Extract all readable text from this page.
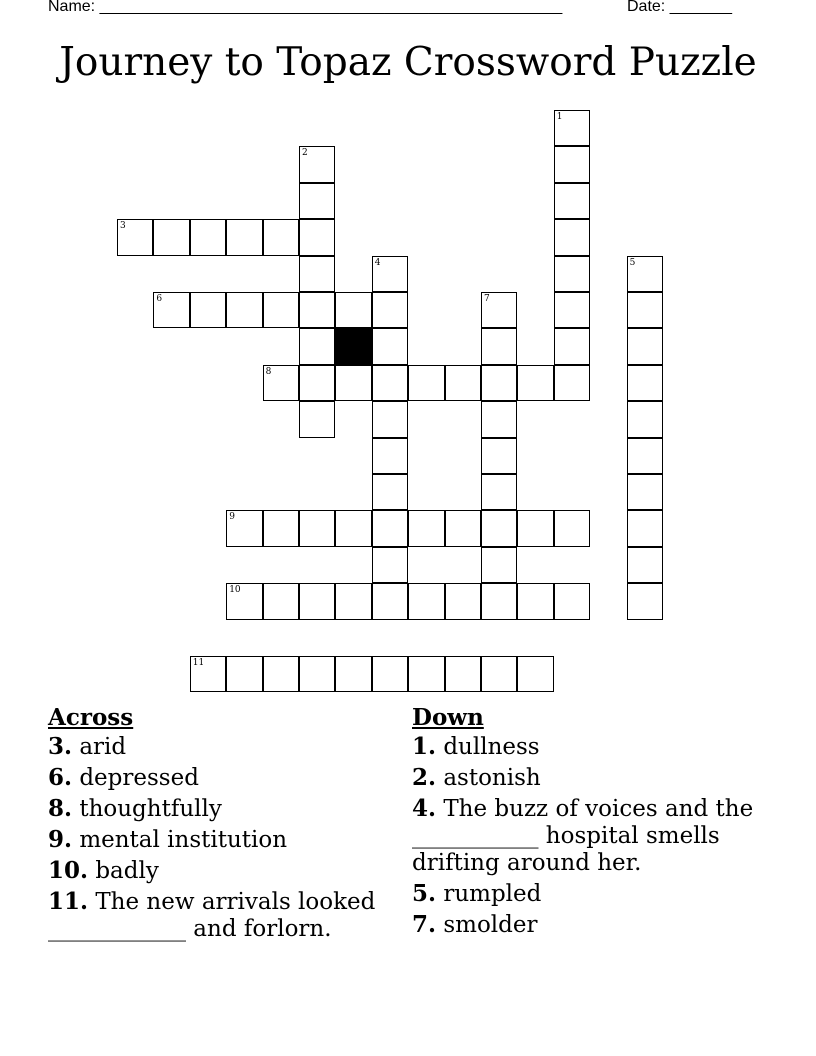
Name: ____________________________________________________	Date: _______
Journey to Topaz Crossword Puzzle
3
6
8
9
10
11
1
2
4	5
7
Across
3. arid
6. depressed
8. thoughtfully
9. mental institution
10. badly
11. The new arrivals looked ____________ and forlorn.
Down
1. dullness
2. astonish
4. The buzz of voices and the ___________ hospital smells drifting around her.
5. rumpled
7. smolder
